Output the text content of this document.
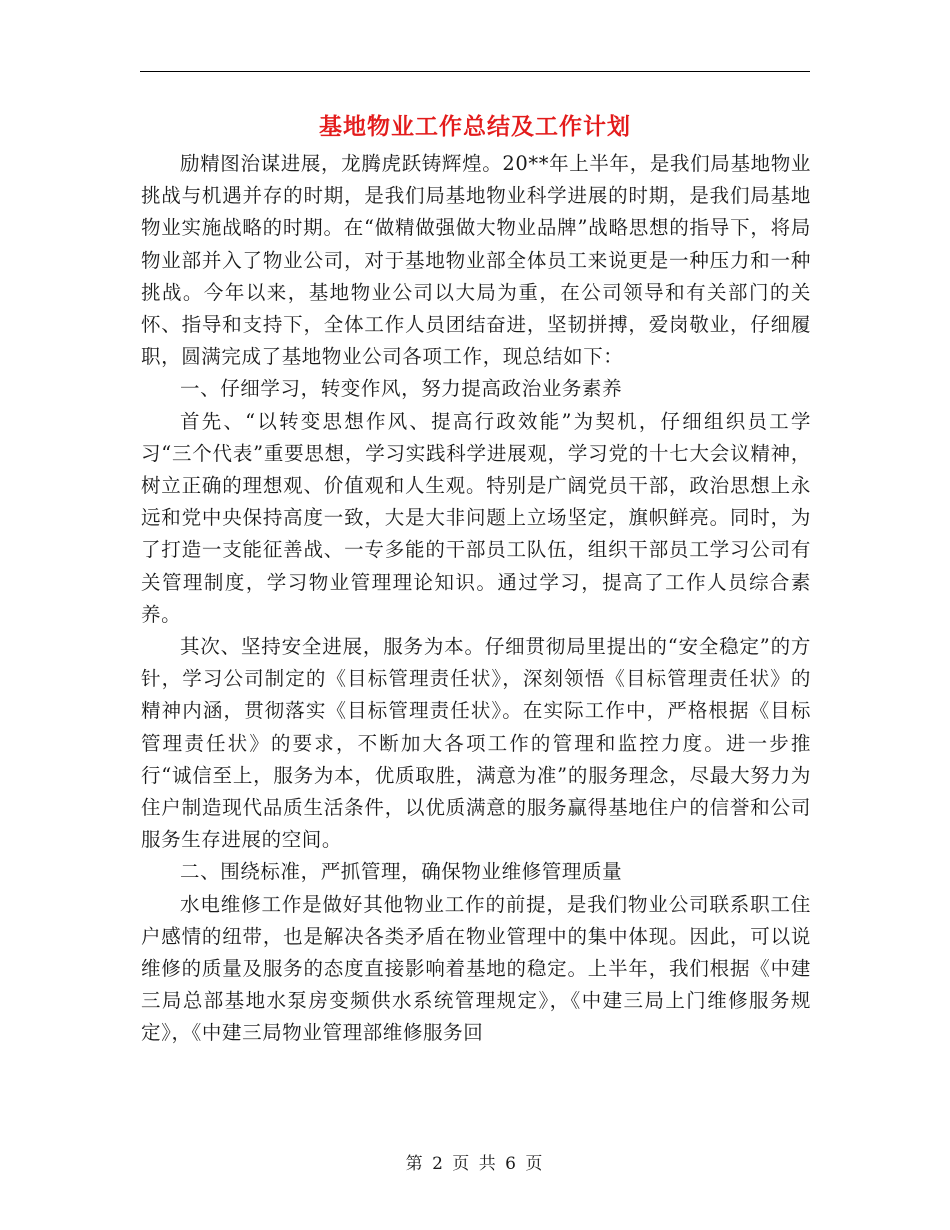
基地物业工作总结及工作计划

励精图治谋进展，龙腾虎跃铸辉煌。20**年上半年，是我们局基地物业挑战与机遇并存的时期，是我们局基地物业科学进展的时期，是我们局基地物业实施战略的时期。在“做精做强做大物业品牌”战略思想的指导下，将局物业部并入了物业公司，对于基地物业部全体员工来说更是一种压力和一种挑战。今年以来，基地物业公司以大局为重，在公司领导和有关部门的关怀、指导和支持下，全体工作人员团结奋进，坚韧拼搏，爱岗敬业，仔细履职，圆满完成了基地物业公司各项工作，现总结如下：

一、仔细学习，转变作风，努力提高政治业务素养

首先、“以转变思想作风、提高行政效能”为契机，仔细组织员工学习“三个代表”重要思想，学习实践科学进展观，学习党的十七大会议精神，树立正确的理想观、价值观和人生观。特别是广阔党员干部，政治思想上永远和党中央保持高度一致，大是大非问题上立场坚定，旗帜鲜亮。同时，为了打造一支能征善战、一专多能的干部员工队伍，组织干部员工学习公司有关管理制度，学习物业管理理论知识。通过学习，提高了工作人员综合素养。

其次、坚持安全进展，服务为本。仔细贯彻局里提出的“安全稳定”的方针，学习公司制定的《目标管理责任状》，深刻领悟《目标管理责任状》的精神内涵，贯彻落实《目标管理责任状》。在实际工作中，严格根据《目标管理责任状》的要求，不断加大各项工作的管理和监控力度。进一步推行“诚信至上，服务为本，优质取胜，满意为准”的服务理念，尽最大努力为住户制造现代品质生活条件，以优质满意的服务赢得基地住户的信誉和公司服务生存进展的空间。

二、围绕标准，严抓管理，确保物业维修管理质量

水电维修工作是做好其他物业工作的前提，是我们物业公司联系职工住户感情的纽带，也是解决各类矛盾在物业管理中的集中体现。因此，可以说维修的质量及服务的态度直接影响着基地的稳定。上半年，我们根据《中建三局总部基地水泵房变频供水系统管理规定》，《中建三局上门维修服务规定》，《中建三局物业管理部维修服务回

第 2 页 共 6 页
